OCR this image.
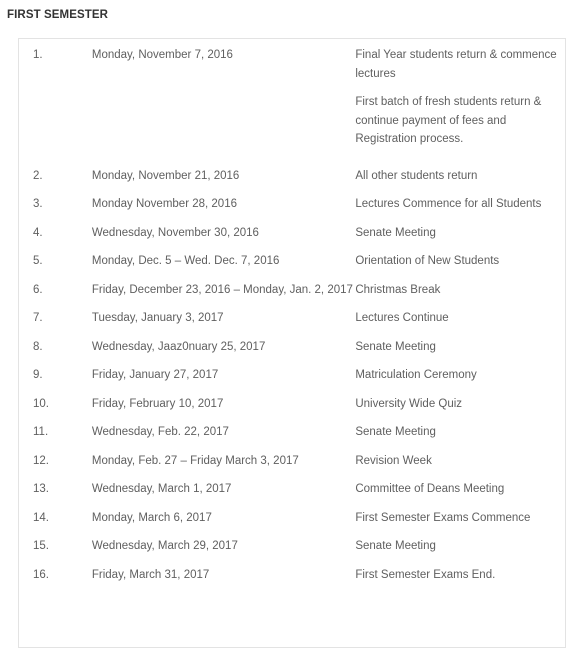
FIRST SEMESTER
1.	Monday, November 7, 2016	Final Year students return & commence lectures
First batch of fresh students return & continue payment of fees and Registration process.

2.	Monday, November 21, 2016	All other students return

3.	Monday November 28, 2016	Lectures Commence for all Students

4.	Wednesday, November 30, 2016	Senate Meeting

5.	Monday, Dec. 5 – Wed. Dec. 7, 2016	Orientation of New Students

6.	Friday, December 23, 2016 – Monday, Jan. 2, 2017	Christmas Break

7.	Tuesday, January 3, 2017	Lectures Continue

8.	Wednesday, Jaaz0nuary 25, 2017	Senate Meeting

9.	Friday, January 27, 2017	Matriculation Ceremony

10.	Friday, February 10, 2017	University Wide Quiz

11.	Wednesday, Feb. 22, 2017	Senate Meeting

12.	Monday, Feb. 27 – Friday March 3, 2017	Revision Week

13.	Wednesday, March 1, 2017	Committee of Deans Meeting

14.	Monday, March 6, 2017	First Semester Exams Commence

15.	Wednesday, March 29, 2017	Senate Meeting

16.	Friday, March 31, 2017	First Semester Exams End.
